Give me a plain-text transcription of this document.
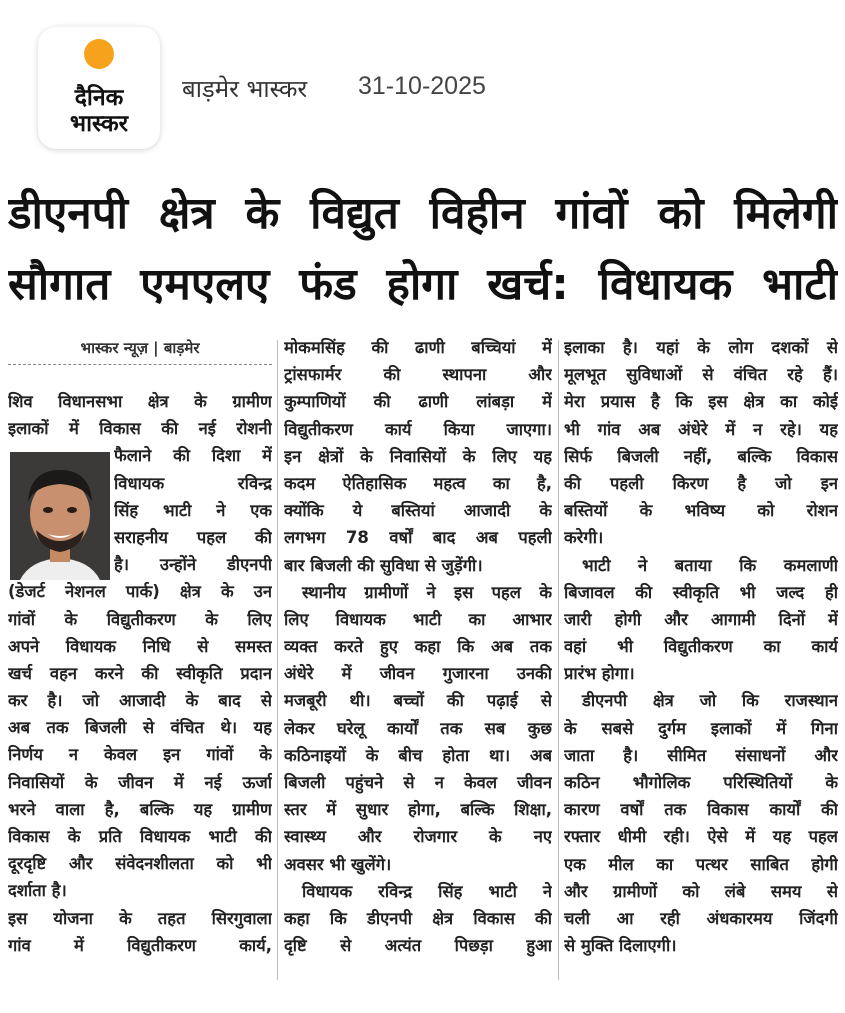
दैनिक
भास्कर
बाड़मेर भास्कर 31-10-2025
डीएनपी क्षेत्र के विद्युत विहीन गांवों को मिलेगी
सौगात एमएलए फंड होगा खर्च: विधायक भाटी
भास्कर न्यूज़ | बाड़मेर
शिव विधानसभा क्षेत्र के ग्रामीण
इलाकों में विकास की नई रोशनी
फैलाने की दिशा में
विधायक रविन्द्र
सिंह भाटी ने एक
सराहनीय पहल की
है। उन्होंने डीएनपी
(डेजर्ट नेशनल पार्क) क्षेत्र के उन
गांवों के विद्युतीकरण के लिए
अपने विधायक निधि से समस्त
खर्च वहन करने की स्वीकृति प्रदान
कर है। जो आजादी के बाद से
अब तक बिजली से वंचित थे। यह
निर्णय न केवल इन गांवों के
निवासियों के जीवन में नई ऊर्जा
भरने वाला है, बल्कि यह ग्रामीण
विकास के प्रति विधायक भाटी की
दूरदृष्टि और संवेदनशीलता को भी
दर्शाता है।
इस योजना के तहत सिरगुवाला
गांव में विद्युतीकरण कार्य,
मोकमसिंह की ढाणी बच्चियां में
ट्रांसफार्मर की स्थापना और
कुम्पाणियों की ढाणी लांबड़ा में
विद्युतीकरण कार्य किया जाएगा।
इन क्षेत्रों के निवासियों के लिए यह
कदम ऐतिहासिक महत्व का है,
क्योंकि ये बस्तियां आजादी के
लगभग 78 वर्षों बाद अब पहली
बार बिजली की सुविधा से जुड़ेंगी।
स्थानीय ग्रामीणों ने इस पहल के
लिए विधायक भाटी का आभार
व्यक्त करते हुए कहा कि अब तक
अंधेरे में जीवन गुजारना उनकी
मजबूरी थी। बच्चों की पढ़ाई से
लेकर घरेलू कार्यों तक सब कुछ
कठिनाइयों के बीच होता था। अब
बिजली पहुंचने से न केवल जीवन
स्तर में सुधार होगा, बल्कि शिक्षा,
स्वास्थ्य और रोजगार के नए
अवसर भी खुलेंगे।
विधायक रविन्द्र सिंह भाटी ने
कहा कि डीएनपी क्षेत्र विकास की
दृष्टि से अत्यंत पिछड़ा हुआ
इलाका है। यहां के लोग दशकों से
मूलभूत सुविधाओं से वंचित रहे हैं।
मेरा प्रयास है कि इस क्षेत्र का कोई
भी गांव अब अंधेरे में न रहे। यह
सिर्फ बिजली नहीं, बल्कि विकास
की पहली किरण है जो इन
बस्तियों के भविष्य को रोशन
करेगी।
भाटी ने बताया कि कमलाणी
बिजावल की स्वीकृति भी जल्द ही
जारी होगी और आगामी दिनों में
वहां भी विद्युतीकरण का कार्य
प्रारंभ होगा।
डीएनपी क्षेत्र जो कि राजस्थान
के सबसे दुर्गम इलाकों में गिना
जाता है। सीमित संसाधनों और
कठिन भौगोलिक परिस्थितियों के
कारण वर्षों तक विकास कार्यों की
रफ्तार धीमी रही। ऐसे में यह पहल
एक मील का पत्थर साबित होगी
और ग्रामीणों को लंबे समय से
चली आ रही अंधकारमय जिंदगी
से मुक्ति दिलाएगी।
